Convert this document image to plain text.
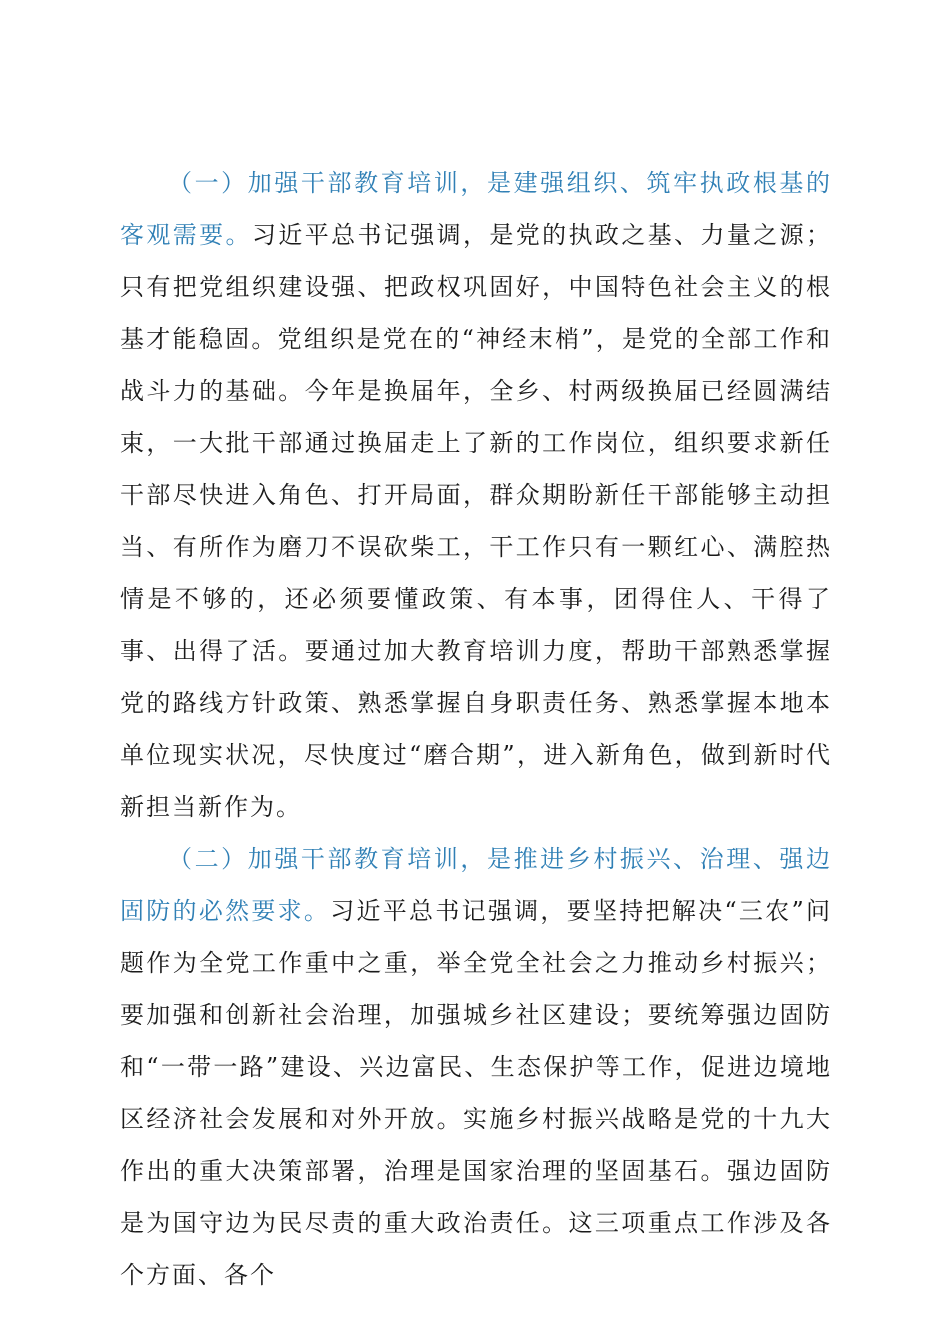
（一）加强干部教育培训，是建强组织、筑牢执政根基的客观需要。习近平总书记强调，是党的执政之基、力量之源；只有把党组织建设强、把政权巩固好，中国特色社会主义的根基才能稳固。党组织是党在的“神经末梢”，是党的全部工作和战斗力的基础。今年是换届年，全乡、村两级换届已经圆满结束，一大批干部通过换届走上了新的工作岗位，组织要求新任干部尽快进入角色、打开局面，群众期盼新任干部能够主动担当、有所作为磨刀不误砍柴工，干工作只有一颗红心、满腔热情是不够的，还必须要懂政策、有本事，团得住人、干得了事、出得了活。要通过加大教育培训力度，帮助干部熟悉掌握党的路线方针政策、熟悉掌握自身职责任务、熟悉掌握本地本单位现实状况，尽快度过“磨合期”，进入新角色，做到新时代新担当新作为。

（二）加强干部教育培训，是推进乡村振兴、治理、强边固防的必然要求。习近平总书记强调，要坚持把解决“三农”问题作为全党工作重中之重，举全党全社会之力推动乡村振兴；要加强和创新社会治理，加强城乡社区建设；要统筹强边固防和“一带一路”建设、兴边富民、生态保护等工作，促进边境地区经济社会发展和对外开放。实施乡村振兴战略是党的十九大作出的重大决策部署，治理是国家治理的坚固基石。强边固防是为国守边为民尽责的重大政治责任。这三项重点工作涉及各个方面、各个
